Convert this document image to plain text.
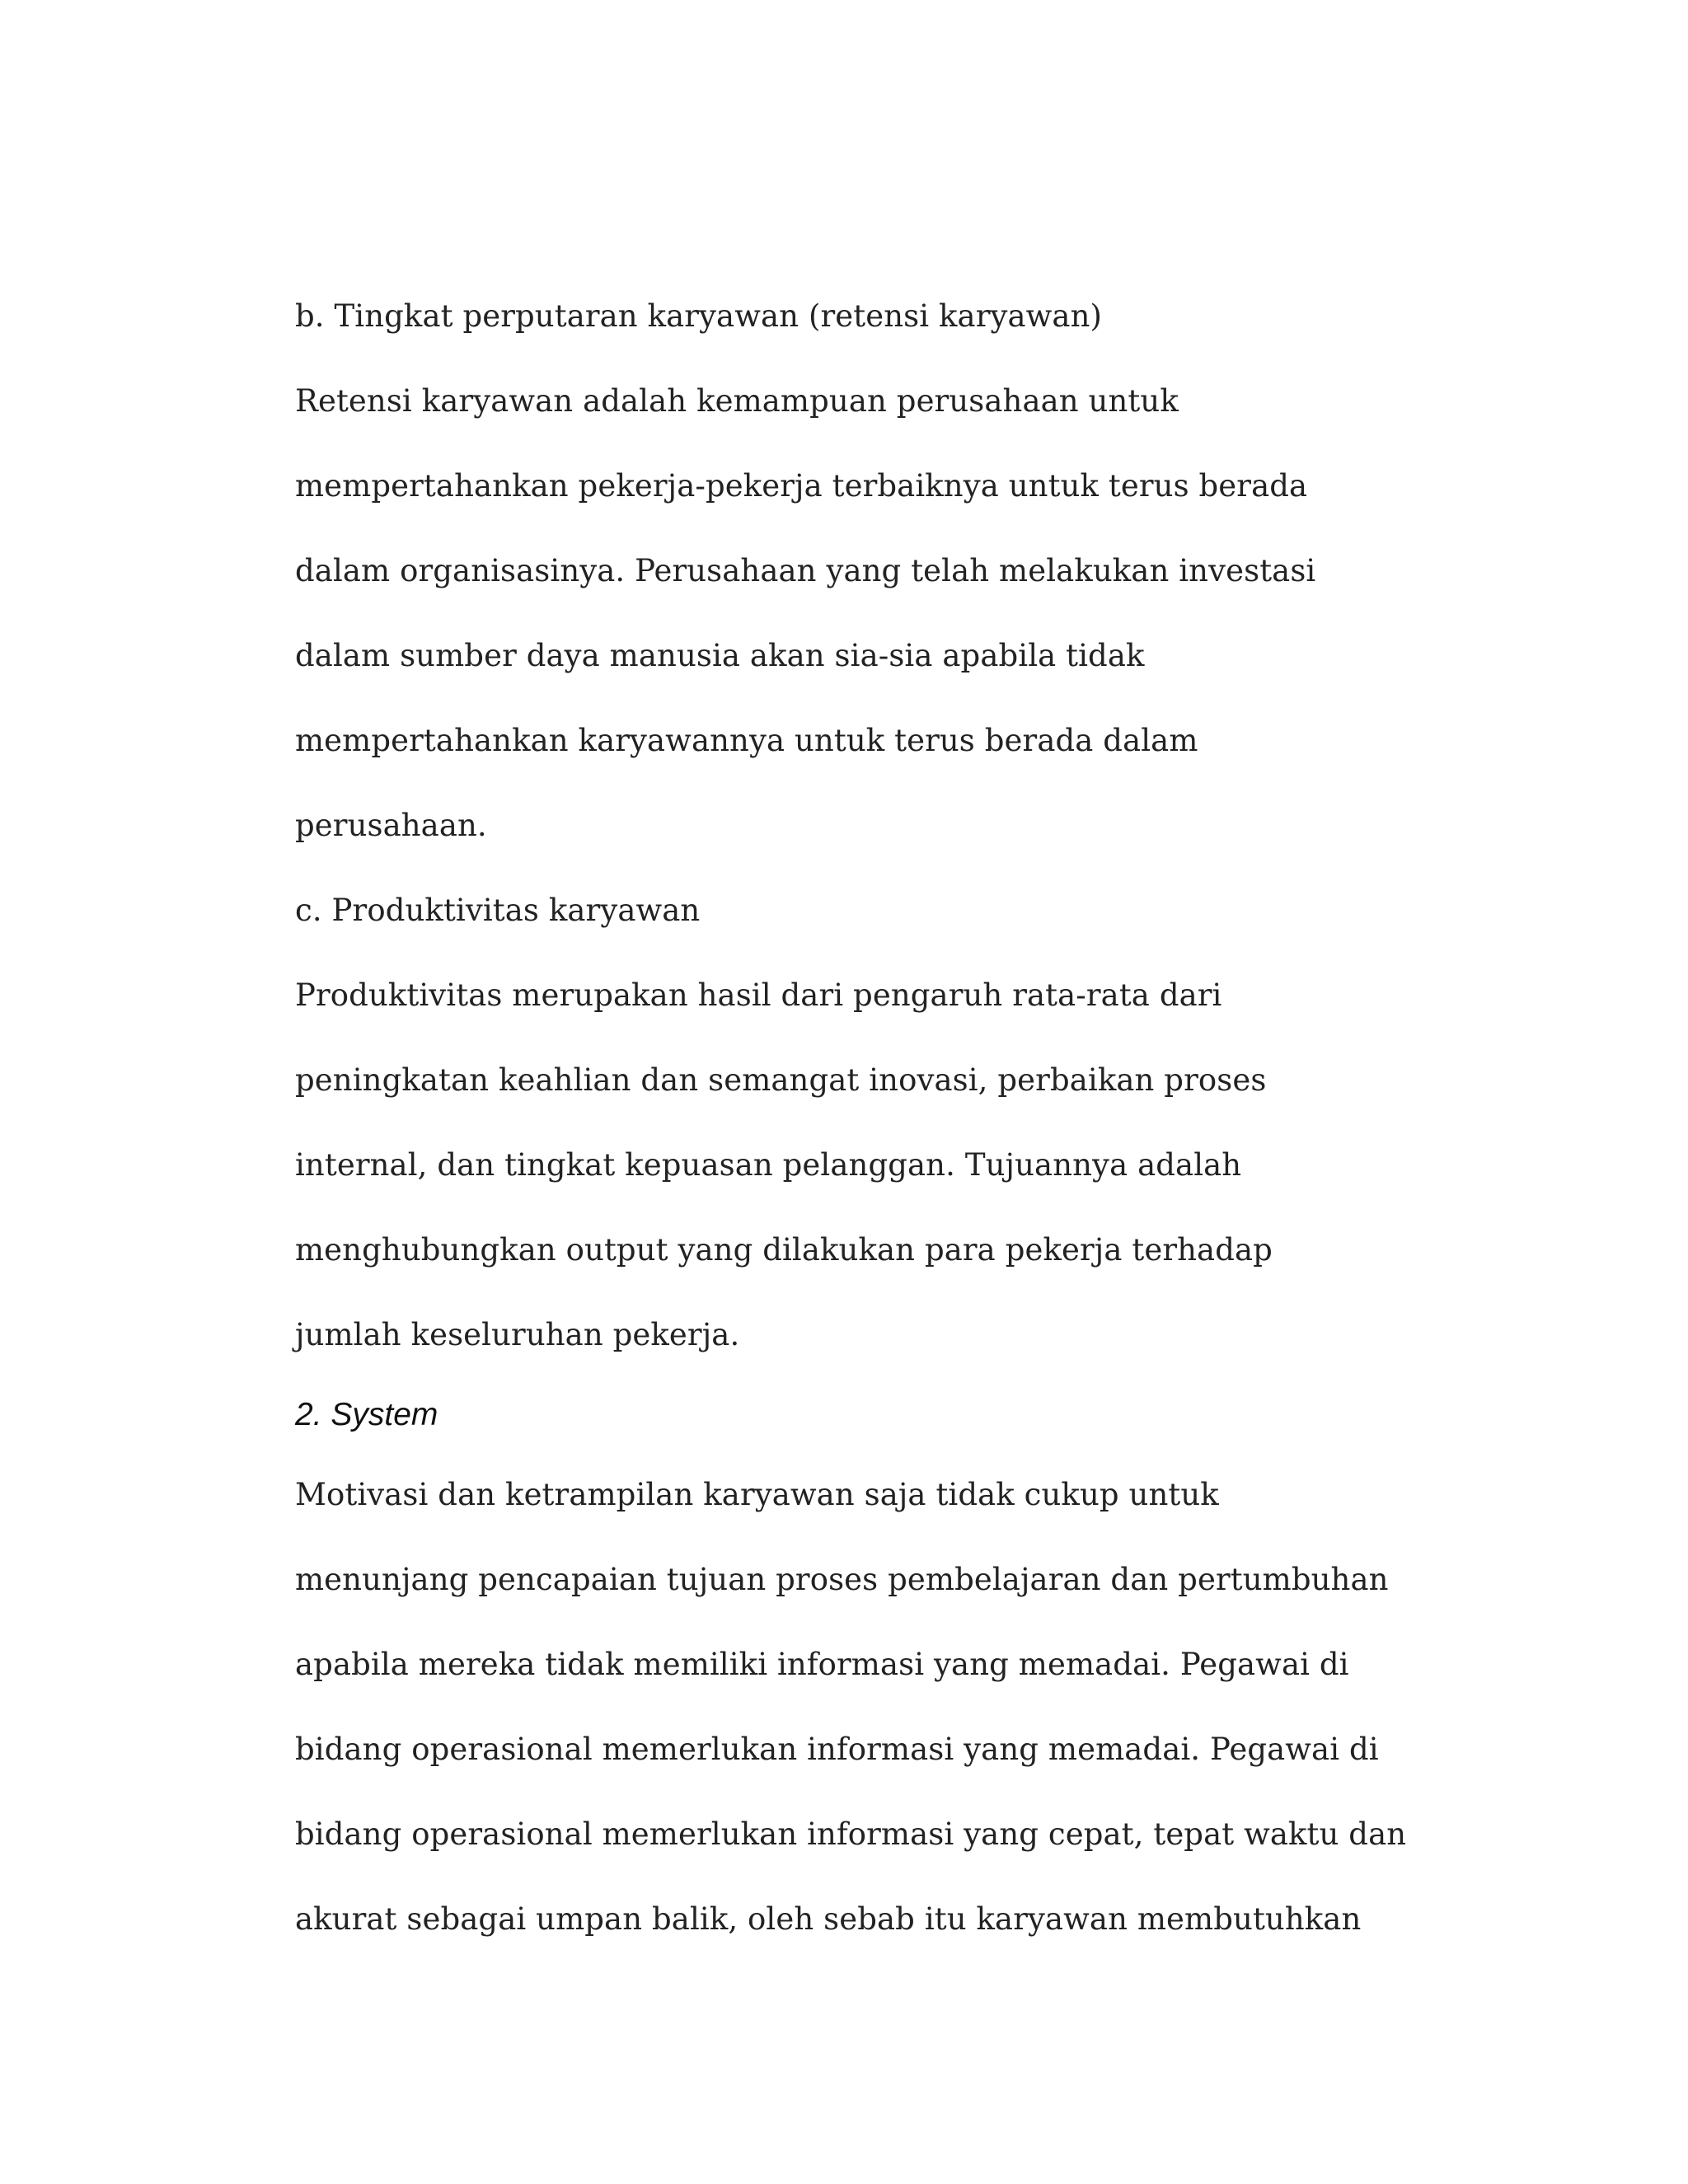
b. Tingkat perputaran karyawan (retensi karyawan)

Retensi karyawan adalah kemampuan perusahaan untuk

mempertahankan pekerja-pekerja terbaiknya untuk terus berada

dalam organisasinya. Perusahaan yang telah melakukan investasi

dalam sumber daya manusia akan sia-sia apabila tidak

mempertahankan karyawannya untuk terus berada dalam

perusahaan.

c. Produktivitas karyawan

Produktivitas merupakan hasil dari pengaruh rata-rata dari

peningkatan keahlian dan semangat inovasi, perbaikan proses

internal, dan tingkat kepuasan pelanggan. Tujuannya adalah

menghubungkan output yang dilakukan para pekerja terhadap

jumlah keseluruhan pekerja.

2. System

Motivasi dan ketrampilan karyawan saja tidak cukup untuk

menunjang pencapaian tujuan proses pembelajaran dan pertumbuhan

apabila mereka tidak memiliki informasi yang memadai. Pegawai di

bidang operasional memerlukan informasi yang memadai. Pegawai di

bidang operasional memerlukan informasi yang cepat, tepat waktu dan

akurat sebagai umpan balik, oleh sebab itu karyawan membutuhkan
